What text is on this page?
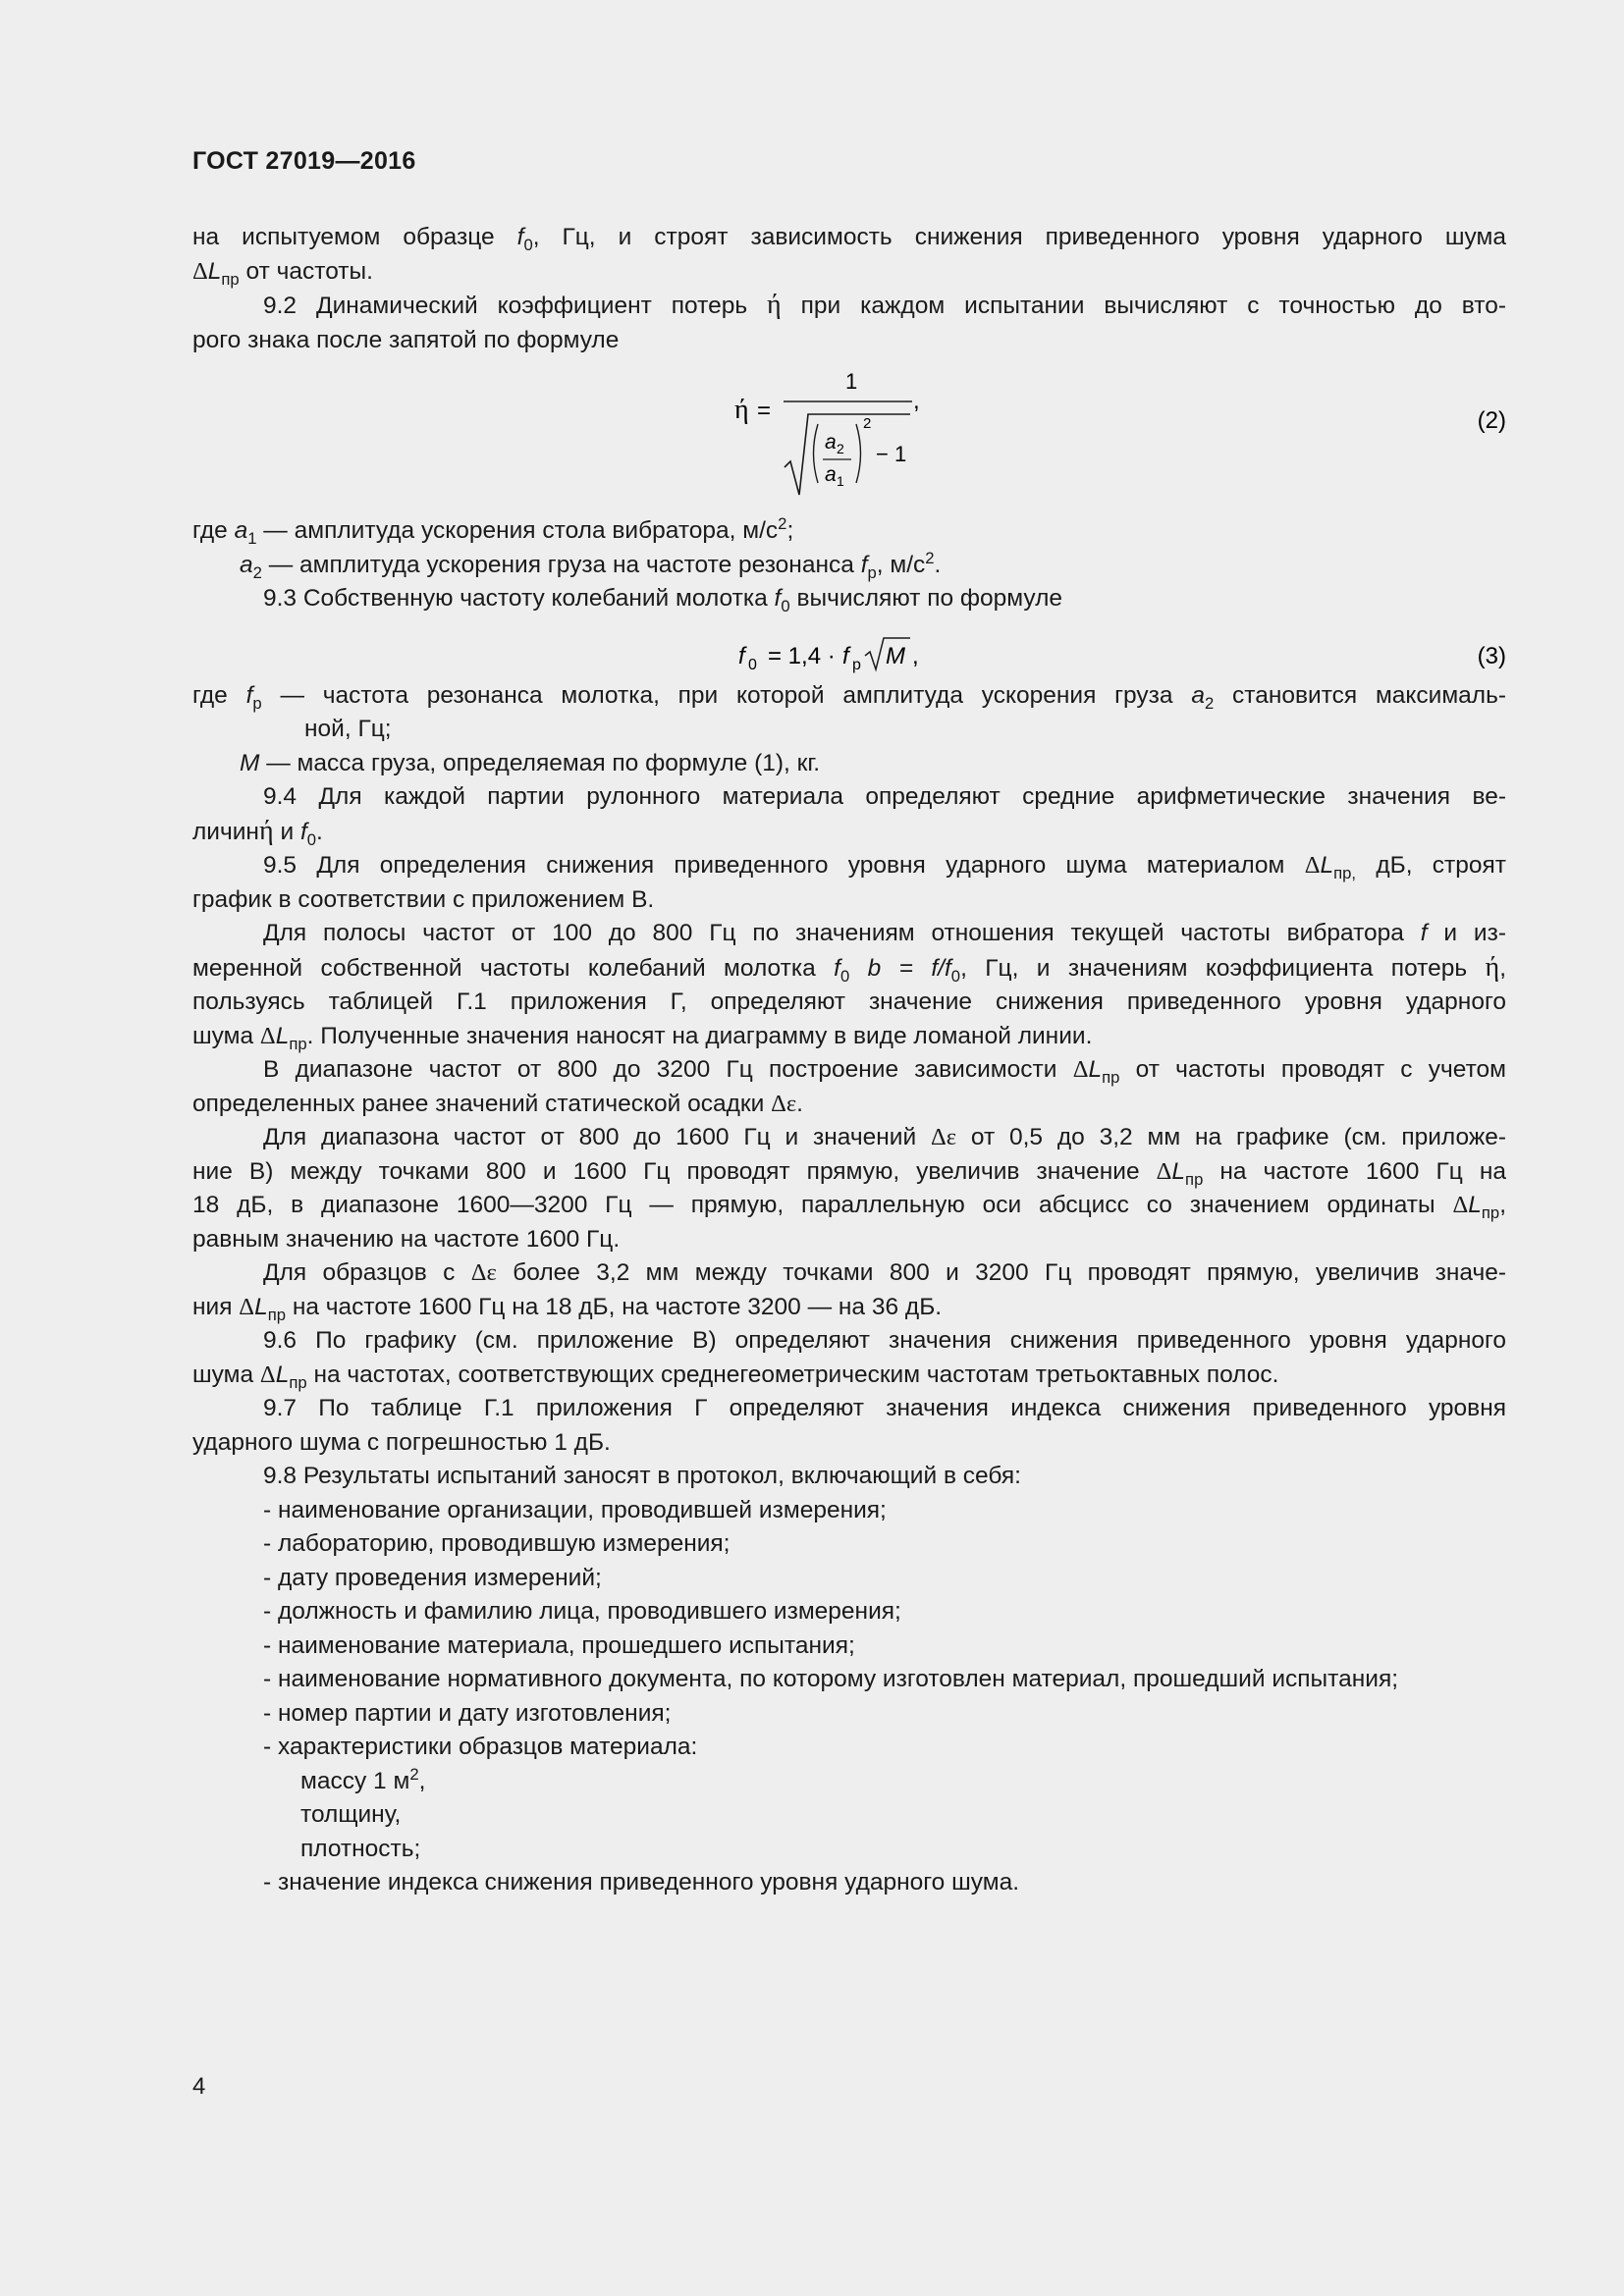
ГОСТ 27019—2016

на испытуемом образце $f_0$, Гц, и строят зависимость снижения приведенного уровня ударного шума
$\Delta L_{пр}$ от частоты.

9.2 Динамический коэффициент потерь ή при каждом испытании вычисляют с точностью до вто-

рого знака после запятой по формуле

ή =
1
,
a 2
a 1
2
− 1
(2)

где $a_1$ — амплитуда ускорения стола вибратора, $м/с^2$;

$a_2$ — амплитуда ускорения груза на частоте резонанса $f_р$, $м/с^2$.

9.3 Собственную частоту колебаний молотка $f_0$ вычисляют по формуле

f 0 = 1,4 · f р M ,	(3)

где $f_р$ — частота резонанса молотка, при которой амплитуда ускорения груза $a_2$ становится максималь-

ной, Гц;

M — масса груза, определяемая по формуле (1), кг.

9.4 Для каждой партии рулонного материала определяют средние арифметические значения ве-

личинή и $f_0$.

9.5 Для определения снижения приведенного уровня ударного шума материалом $\Delta L_{пр,}$ дБ, строят

график в соответствии с приложением В.

Для полосы частот от 100 до 800 Гц по значениям отношения текущей частоты вибратора f и из-

меренной собственной частоты колебаний молотка $f_0$ $b = f/f_0$, Гц, и значениям коэффициента потерь ή,
пользуясь таблицей Г.1 приложения Г, определяют значение снижения приведенного уровня ударного
шума $\Delta L_{пр}$. Полученные значения наносят на диаграмму в виде ломаной линии.

В диапазоне частот от 800 до 3200 Гц построение зависимости $\Delta L_{пр}$ от частоты проводят с учетом

определенных ранее значений статической осадки Δε.

Для диапазона частот от 800 до 1600 Гц и значений Δε от 0,5 до 3,2 мм на графике (см. приложе-

ние В) между точками 800 и 1600 Гц проводят прямую, увеличив значение $\Delta L_{пр}$ на частоте 1600 Гц на
18 дБ, в диапазоне 1600—3200 Гц — прямую, параллельную оси абсцисс со значением ординаты $\Delta L_{пр}$,
равным значению на частоте 1600 Гц.

Для образцов с Δε более 3,2 мм между точками 800 и 3200 Гц проводят прямую, увеличив значе-

ния $\Delta L_{пр}$ на частоте 1600 Гц на 18 дБ, на частоте 3200 — на 36 дБ.

9.6 По графику (см. приложение В) определяют значения снижения приведенного уровня ударного

шума $\Delta L_{пр}$ на частотах, соответствующих среднегеометрическим частотам третьоктавных полос.

9.7 По таблице Г.1 приложения Г определяют значения индекса снижения приведенного уровня

ударного шума с погрешностью 1 дБ.

9.8 Результаты испытаний заносят в протокол, включающий в себя:

- наименование организации, проводившей измерения;
- лабораторию, проводившую измерения;
- дату проведения измерений;
- должность и фамилию лица, проводившего измерения;
- наименование материала, прошедшего испытания;
- наименование нормативного документа, по которому изготовлен материал, прошедший испытания;
- номер партии и дату изготовления;
- характеристики образцов материала:
массу 1 $м^2$,
толщину,
плотность;
- значение индекса снижения приведенного уровня ударного шума.
4
